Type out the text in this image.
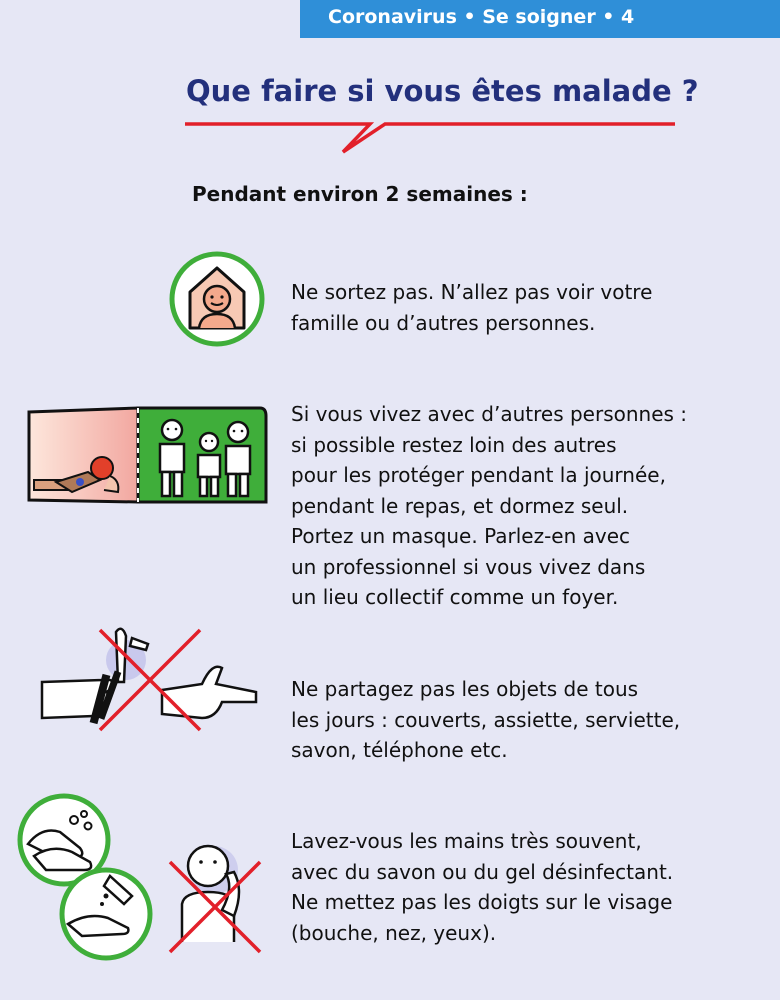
Coronavirus • Se soigner • 4
Que faire si vous êtes malade ?
Pendant environ 2 semaines :

Ne sortez pas. N’allez pas voir votre

famille ou d’autres personnes.

Si vous vivez avec d’autres personnes :

si possible restez loin des autres

pour les protéger pendant la journée,

pendant le repas, et dormez seul.

Portez un masque. Parlez-en avec

un professionnel si vous vivez dans

un lieu collectif comme un foyer.

Ne partagez pas les objets de tous

les jours : couverts, assiette, serviette,

savon, téléphone etc.

Lavez-vous les mains très souvent,

avec du savon ou du gel désinfectant.

Ne mettez pas les doigts sur le visage

(bouche, nez, yeux).
